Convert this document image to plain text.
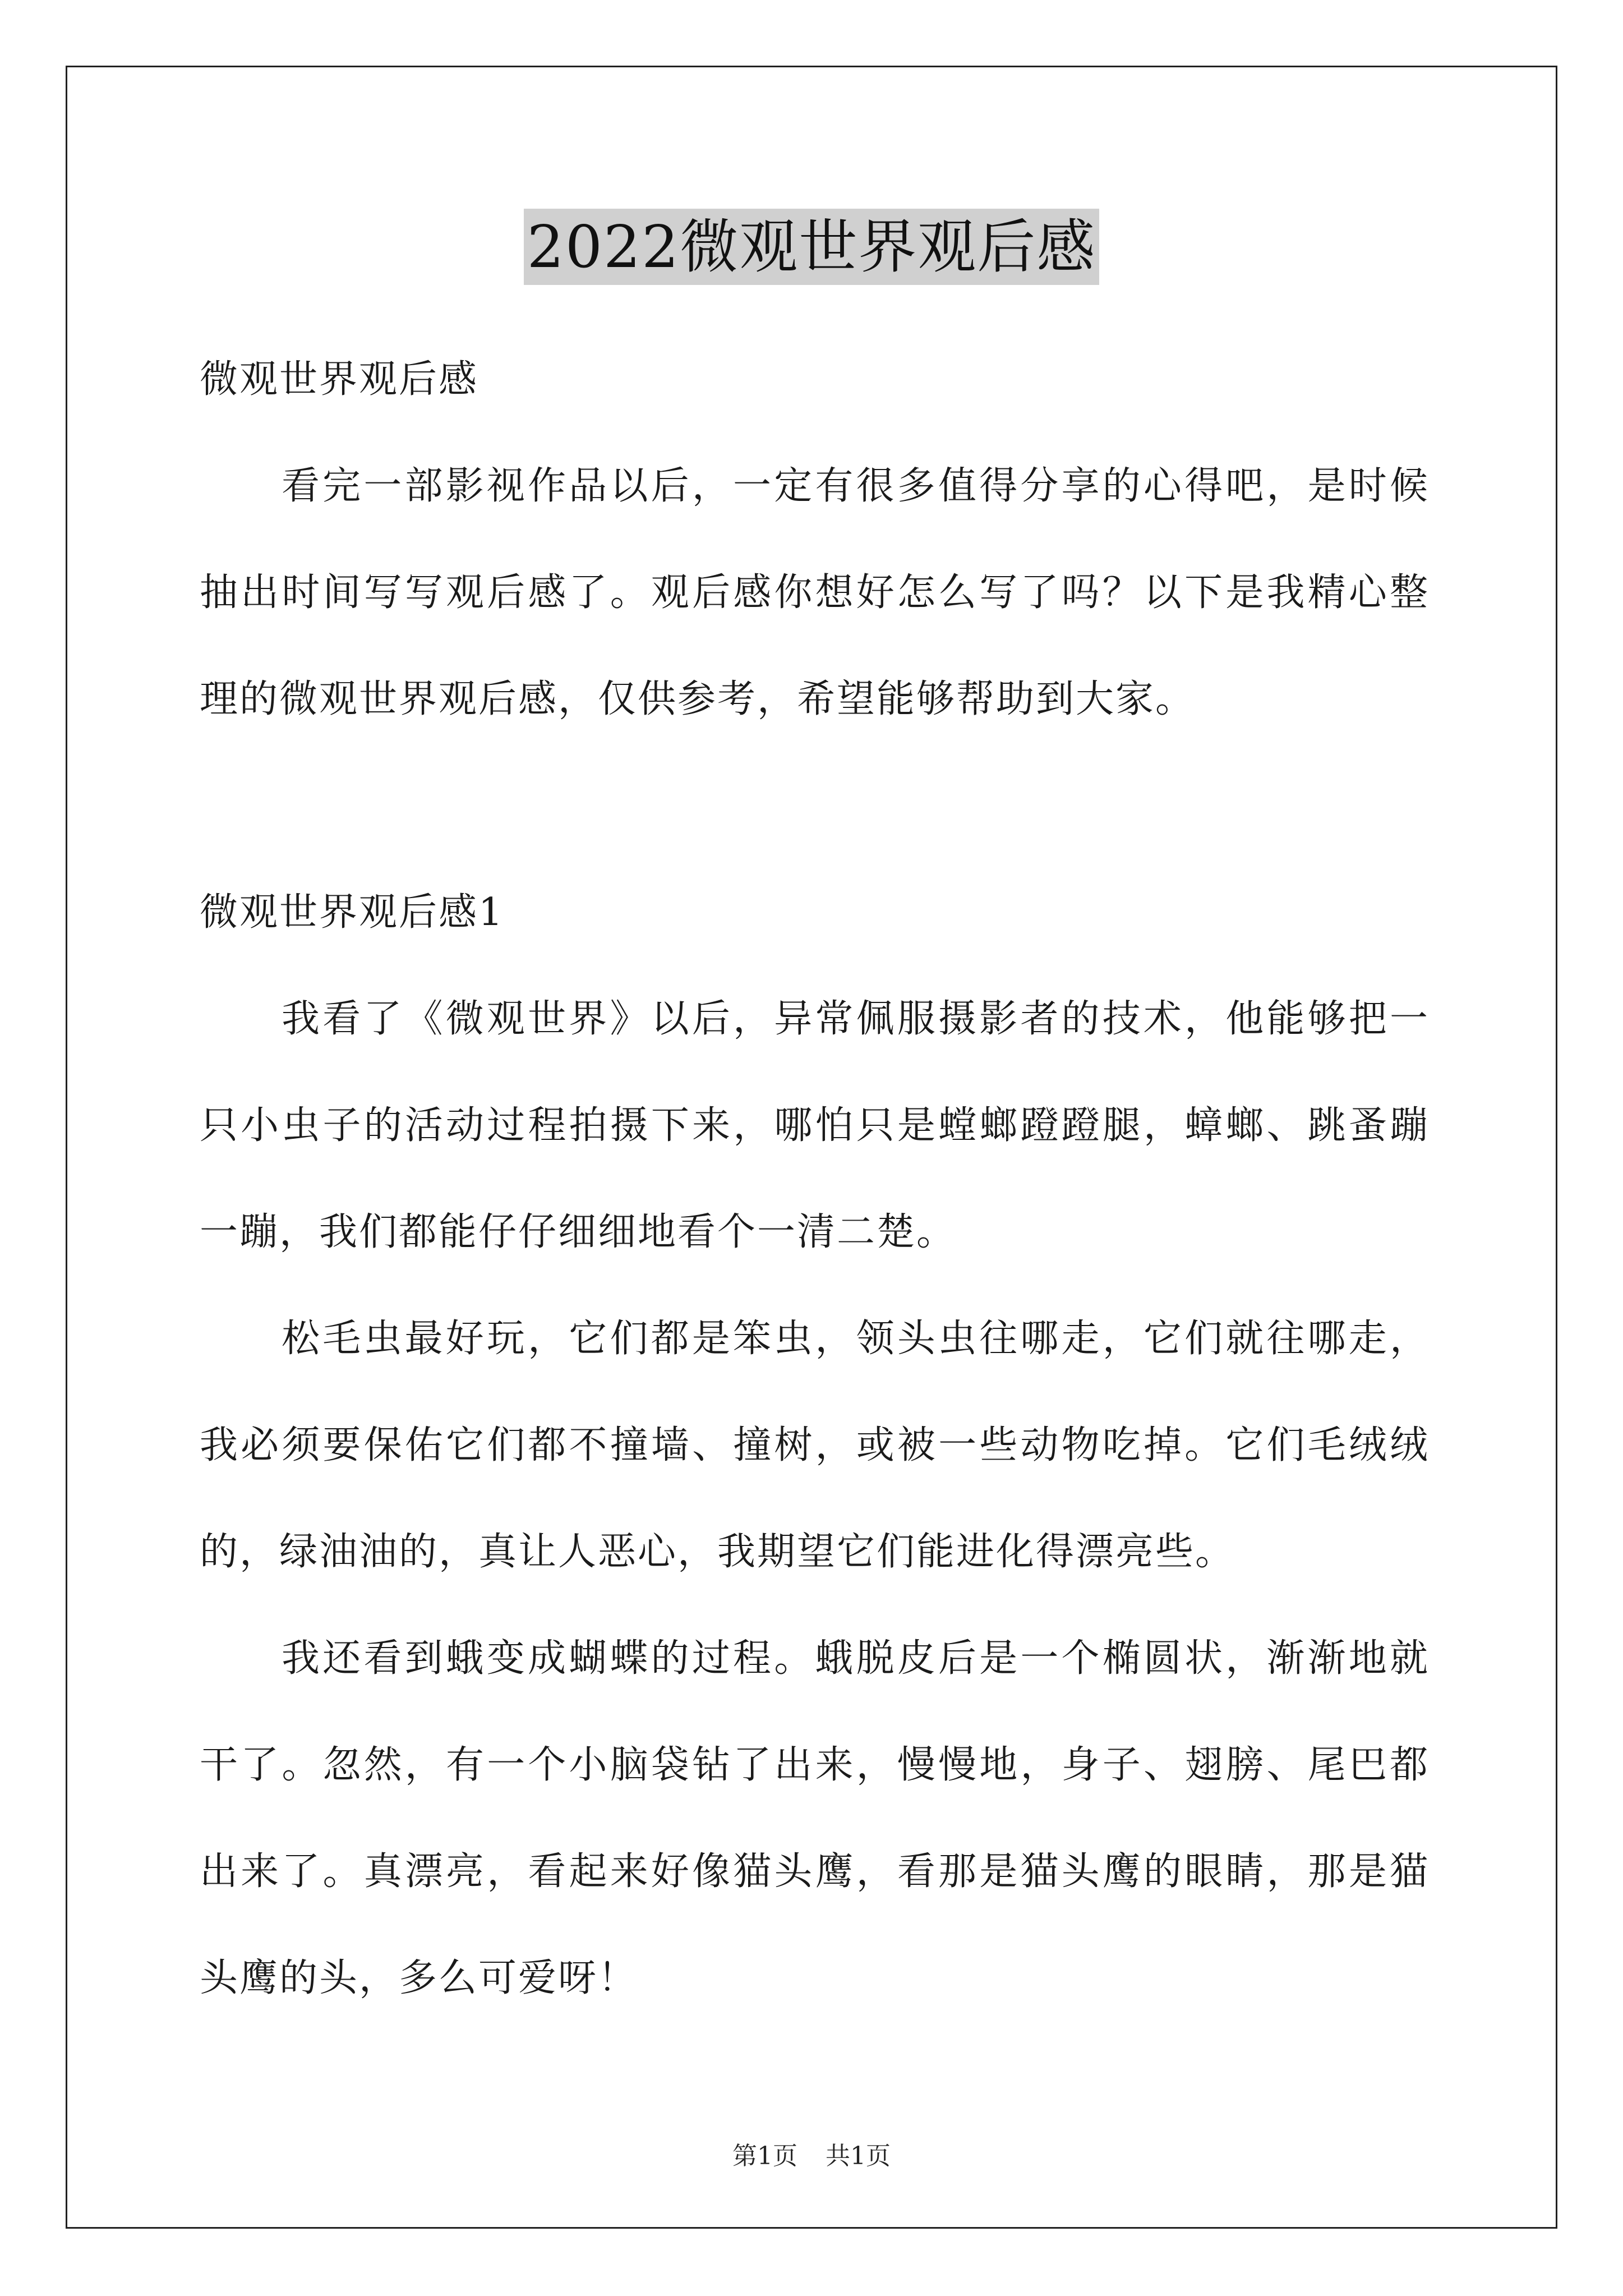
2022微观世界观后感
微观世界观后感
看完一部影视作品以后，一定有很多值得分享的心得吧，是时候
抽出时间写写观后感了。观后感你想好怎么写了吗？以下是我精心整
理的微观世界观后感，仅供参考，希望能够帮助到大家。
微观世界观后感1
我看了《微观世界》以后，异常佩服摄影者的技术，他能够把一
只小虫子的活动过程拍摄下来，哪怕只是螳螂蹬蹬腿，蟑螂、跳蚤蹦
一蹦，我们都能仔仔细细地看个一清二楚。
松毛虫最好玩，它们都是笨虫，领头虫往哪走，它们就往哪走，
我必须要保佑它们都不撞墙、撞树，或被一些动物吃掉。它们毛绒绒
的，绿油油的，真让人恶心，我期望它们能进化得漂亮些。
我还看到蛾变成蝴蝶的过程。蛾脱皮后是一个椭圆状，渐渐地就
干了。忽然，有一个小脑袋钻了出来，慢慢地，身子、翅膀、尾巴都
出来了。真漂亮，看起来好像猫头鹰，看那是猫头鹰的眼睛，那是猫
头鹰的头，多么可爱呀！
第1页 共1页
